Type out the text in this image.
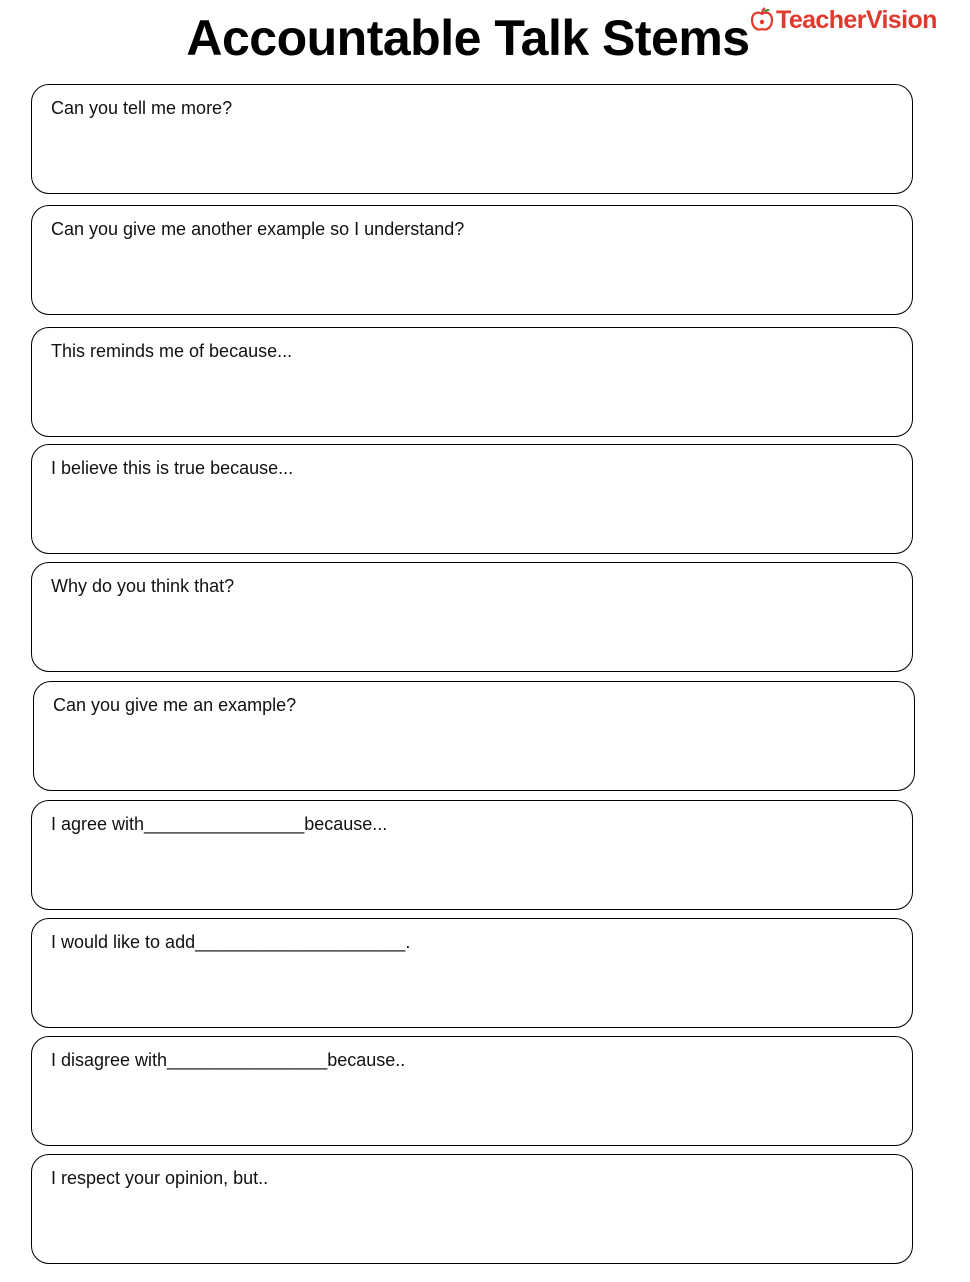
Accountable Talk Stems	TeacherVision
Can you tell me more?
Can you give me another example so I understand?
This reminds me of because...
I believe this is true because...
Why do you think that?
Can you give me an example?
I agree with________________because...
I would like to add_____________________.
I disagree with________________because..
I respect your opinion, but..
